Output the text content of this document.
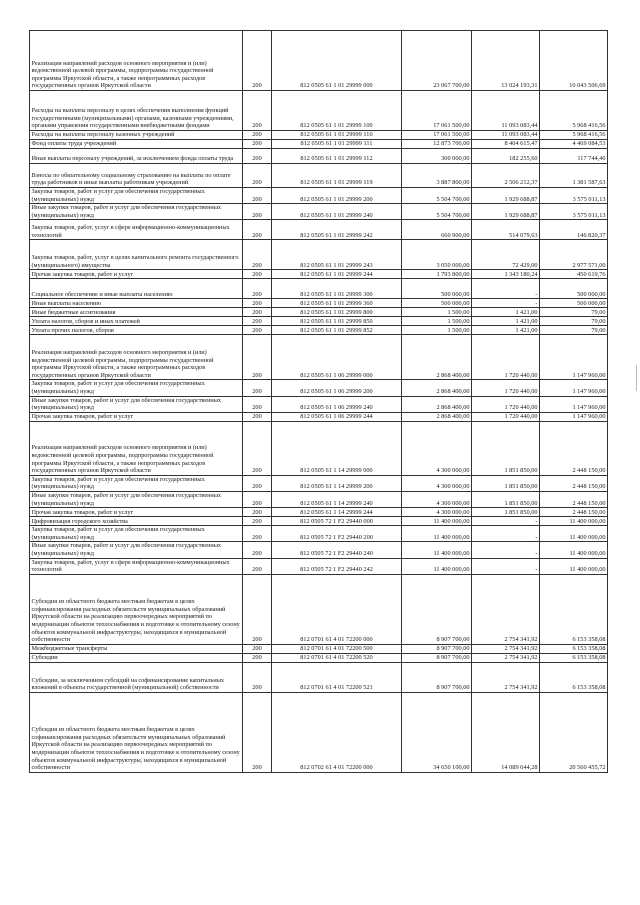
Реализация направлений расходов основного мероприятия и (или) ведомственной целевой программы, подпрограммы государственной программы Иркутской области, а также непрограммных расходов государственных органов Иркутской области	200	812 0505 61 1 01 29999 000	23 067 700,00	13 024 193,31	10 043 506,69
Расходы на выплаты персоналу в целях обеспечения выполнения функций государственными (муниципальными) органами, казенными учреждениями, органами управления государственными внебюджетными фондами	200	812 0505 61 1 01 29999 100	17 061 500,00	11 093 083,44	5 968 416,56
Расходы на выплаты персоналу казенных учреждений	200	812 0505 61 1 01 29999 110	17 061 500,00	11 093 083,44	5 968 416,56
Фонд оплаты труда учреждений	200	812 0505 61 1 01 29999 111	12 873 700,00	8 404 615,47	4 469 084,53
Иные выплаты персоналу учреждений, за исключением фонда оплаты труда	200	812 0505 61 1 01 29999 112	300 000,00	182 255,60	117 744,40
Взносы по обязательному социальному страхованию на выплаты по оплате труда работников и иные выплаты работникам учреждений	200	812 0505 61 1 01 29999 119	3 887 800,00	2 506 212,37	1 381 587,63
Закупка товаров, работ и услуг для обеспечения государственных (муниципальных) нужд	200	812 0505 61 1 01 29999 200	5 504 700,00	1 929 688,87	3 575 011,13
Иные закупки товаров, работ и услуг для обеспечения государственных (муниципальных) нужд	200	812 0505 61 1 01 29999 240	5 504 700,00	1 929 688,87	3 575 011,13
Закупка товаров, работ, услуг в сфере информационно-коммуникационных технологий	200	812 0505 61 1 01 29999 242	660 900,00	514 079,63	146 820,37
Закупка товаров, работ, услуг в целях капитального ремонта государственного (муниципального) имущества	200	812 0505 61 1 01 29999 243	3 050 000,00	72 429,00	2 977 571,00
Прочая закупка товаров, работ и услуг	200	812 0505 61 1 01 29999 244	1 793 800,00	1 343 180,24	450 619,76
Социальное обеспечение и иные выплаты населению	200	812 0505 61 1 01 29999 300	500 000,00	-	500 000,00
Иные выплаты населению	200	812 0505 61 1 01 29999 360	500 000,00	-	500 000,00
Иные бюджетные ассигнования	200	812 0505 61 1 01 29999 800	1 500,00	1 421,00	79,00
Уплата налогов, сборов и иных платежей	200	812 0505 61 1 01 29999 850	1 500,00	1 421,00	79,00
Уплата прочих налогов, сборов	200	812 0505 61 1 01 29999 852	1 500,00	1 421,00	79,00
Реализация направлений расходов основного мероприятия и (или) ведомственной целевой программы, подпрограммы государственной программы Иркутской области, а также непрограммных расходов государственных органов Иркутской области	200	812 0505 61 1 06 29999 000	2 868 400,00	1 720 440,00	1 147 960,00
Закупка товаров, работ и услуг для обеспечения государственных (муниципальных) нужд	200	812 0505 61 1 06 29999 200	2 868 400,00	1 720 440,00	1 147 960,00
Иные закупки товаров, работ и услуг для обеспечения государственных (муниципальных) нужд	200	812 0505 61 1 06 29999 240	2 868 400,00	1 720 440,00	1 147 960,00
Прочая закупка товаров, работ и услуг	200	812 0505 61 1 06 29999 244	2 868 400,00	1 720 440,00	1 147 960,00
Реализация направлений расходов основного мероприятия и (или) ведомственной целевой программы, подпрограммы государственной программы Иркутской области, а также непрограммных расходов государственных органов Иркутской области	200	812 0505 61 1 14 29999 000	4 300 000,00	1 851 850,00	2 448 150,00
Закупка товаров, работ и услуг для обеспечения государственных (муниципальных) нужд	200	812 0505 61 1 14 29999 200	4 300 000,00	1 851 850,00	2 448 150,00
Иные закупки товаров, работ и услуг для обеспечения государственных (муниципальных) нужд	200	812 0505 61 1 14 29999 240	4 300 000,00	1 851 850,00	2 448 150,00
Прочая закупка товаров, работ и услуг	200	812 0505 61 1 14 29999 244	4 300 000,00	1 851 850,00	2 448 150,00
Цифровизация городского хозяйства	200	812 0505 72 1 F2 29440 000	11 400 000,00	-	11 400 000,00
Закупка товаров, работ и услуг для обеспечения государственных (муниципальных) нужд	200	812 0505 72 1 F2 29440 200	11 400 000,00	-	11 400 000,00
Иные закупки товаров, работ и услуг для обеспечения государственных (муниципальных) нужд	200	812 0505 72 1 F2 29440 240	11 400 000,00	-	11 400 000,00
Закупка товаров, работ, услуг в сфере информационно-коммуникационных технологий	200	812 0505 72 1 F2 29440 242	11 400 000,00	-	11 400 000,00
Субсидия из областного бюджета местным бюджетам в целях софинансирования расходных обязательств муниципальных образований Иркутской области на реализацию первоочередных мероприятий по модернизации объектов теплоснабжения и подготовке к отопительному сезону объектов коммунальной инфраструктуры, находящихся в муниципальной собственности	200	812 0701 61 4 01 72200 000	8 907 700,00	2 754 341,92	6 153 358,08
Межбюджетные трансферты	200	812 0701 61 4 01 72200 500	8 907 700,00	2 754 341,92	6 153 358,08
Субсидии	200	812 0701 61 4 01 72200 520	8 907 700,00	2 754 341,92	6 153 358,08
Субсидии, за исключением субсидий на софинансирование капитальных вложений в объекты государственной (муниципальной) собственности	200	812 0701 61 4 01 72200 521	8 907 700,00	2 754 341,92	6 153 358,08
Субсидия из областного бюджета местным бюджетам в целях софинансирования расходных обязательств муниципальных образований Иркутской области на реализацию первоочередных мероприятий по модернизации объектов теплоснабжения и подготовке к отопительному сезону объектов коммунальной инфраструктуры, находящихся в муниципальной собственности	200	812 0702 61 4 01 72200 000	34 650 100,00	14 089 644,28	20 560 455,72
